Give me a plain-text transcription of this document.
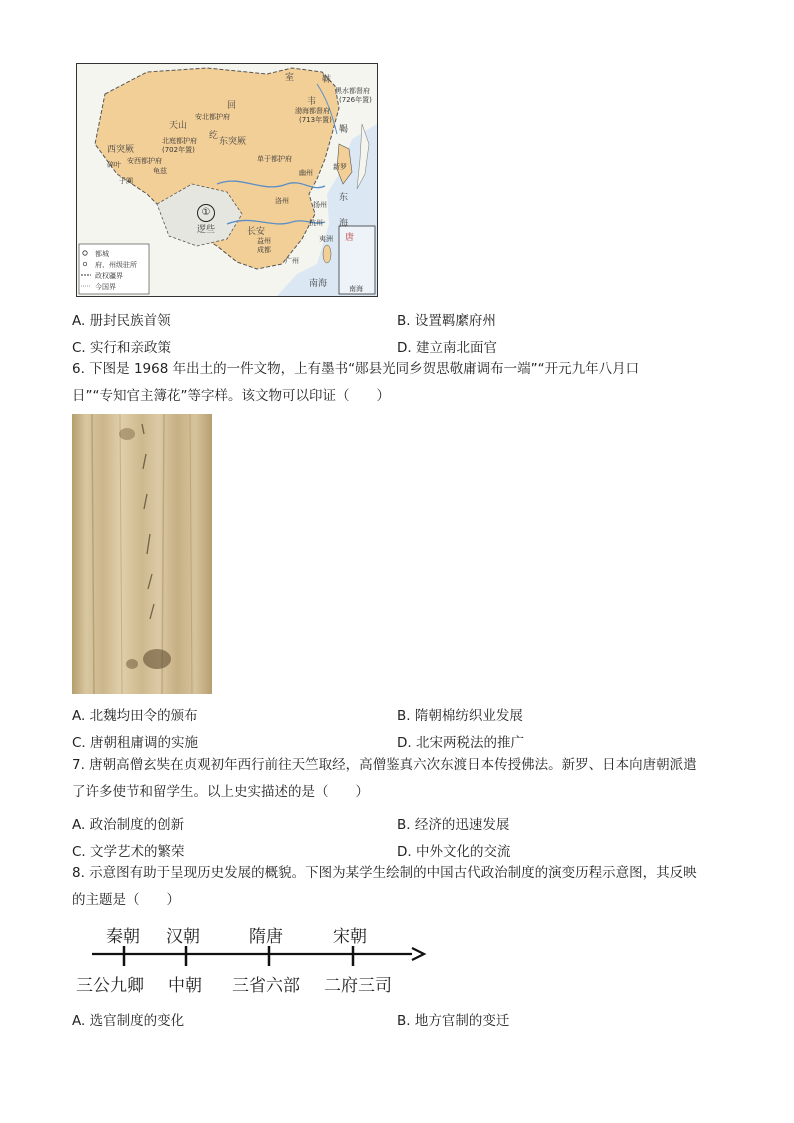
室	靺
韦
鞨
黑水都督府
(726年置)
渤海都督府
(713年置)
回
纥
东突厥
西突厥
安北都护府
北庭都护府
(702年置)
单于都护府
安西都护府
天山
碎叶
龟兹
于阗
幽州
洛州
长安
扬州
益州
成都
杭州
广州
新罗
东
海
南海
夷洲
①
逻些
唐
南海
都城
府、州级驻所
政权疆界
今国界
A. 册封民族首领	B. 设置羁縻府州
C. 实行和亲政策	D. 建立南北面官
6. 下图是 1968 年出土的一件文物，上有墨书“郧县光同乡贺思敬庸调布一端”“开元九年八月口
日”“专知官主簿花”等字样。该文物可以印证（　　）
A. 北魏均田令的颁布	B. 隋朝棉纺织业发展
C. 唐朝租庸调的实施	D. 北宋两税法的推广
7. 唐朝高僧玄奘在贞观初年西行前往天竺取经，高僧鉴真六次东渡日本传授佛法。新罗、日本向唐朝派遣
了许多使节和留学生。以上史实描述的是（　　）
A. 政治制度的创新	B. 经济的迅速发展
C. 文学艺术的繁荣	D. 中外文化的交流
8. 示意图有助于呈现历史发展的概貌。下图为某学生绘制的中国古代政治制度的演变历程示意图，其反映
的主题是（　　）
秦朝 汉朝	隋唐	宋朝
三公九卿 中朝 三省六部 二府三司
A. 选官制度的变化	B. 地方官制的变迁
